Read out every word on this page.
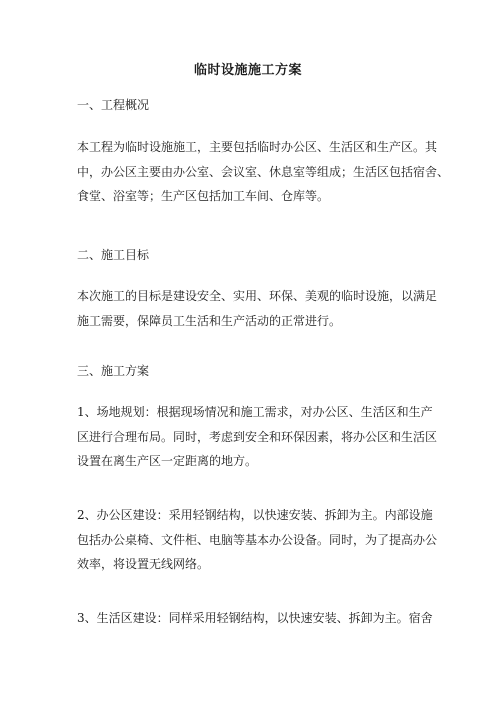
临时设施施工方案
一、工程概况
本工程为临时设施施工，主要包括临时办公区、生活区和生产区。其
中，办公区主要由办公室、会议室、休息室等组成；生活区包括宿舍、
食堂、浴室等；生产区包括加工车间、仓库等。
二、施工目标
本次施工的目标是建设安全、实用、环保、美观的临时设施，以满足
施工需要，保障员工生活和生产活动的正常进行。
三、施工方案
1、场地规划：根据现场情况和施工需求，对办公区、生活区和生产
区进行合理布局。同时，考虑到安全和环保因素，将办公区和生活区
设置在离生产区一定距离的地方。
2、办公区建设：采用轻钢结构，以快速安装、拆卸为主。内部设施
包括办公桌椅、文件柜、电脑等基本办公设备。同时，为了提高办公
效率，将设置无线网络。
3、生活区建设：同样采用轻钢结构，以快速安装、拆卸为主。宿舍
